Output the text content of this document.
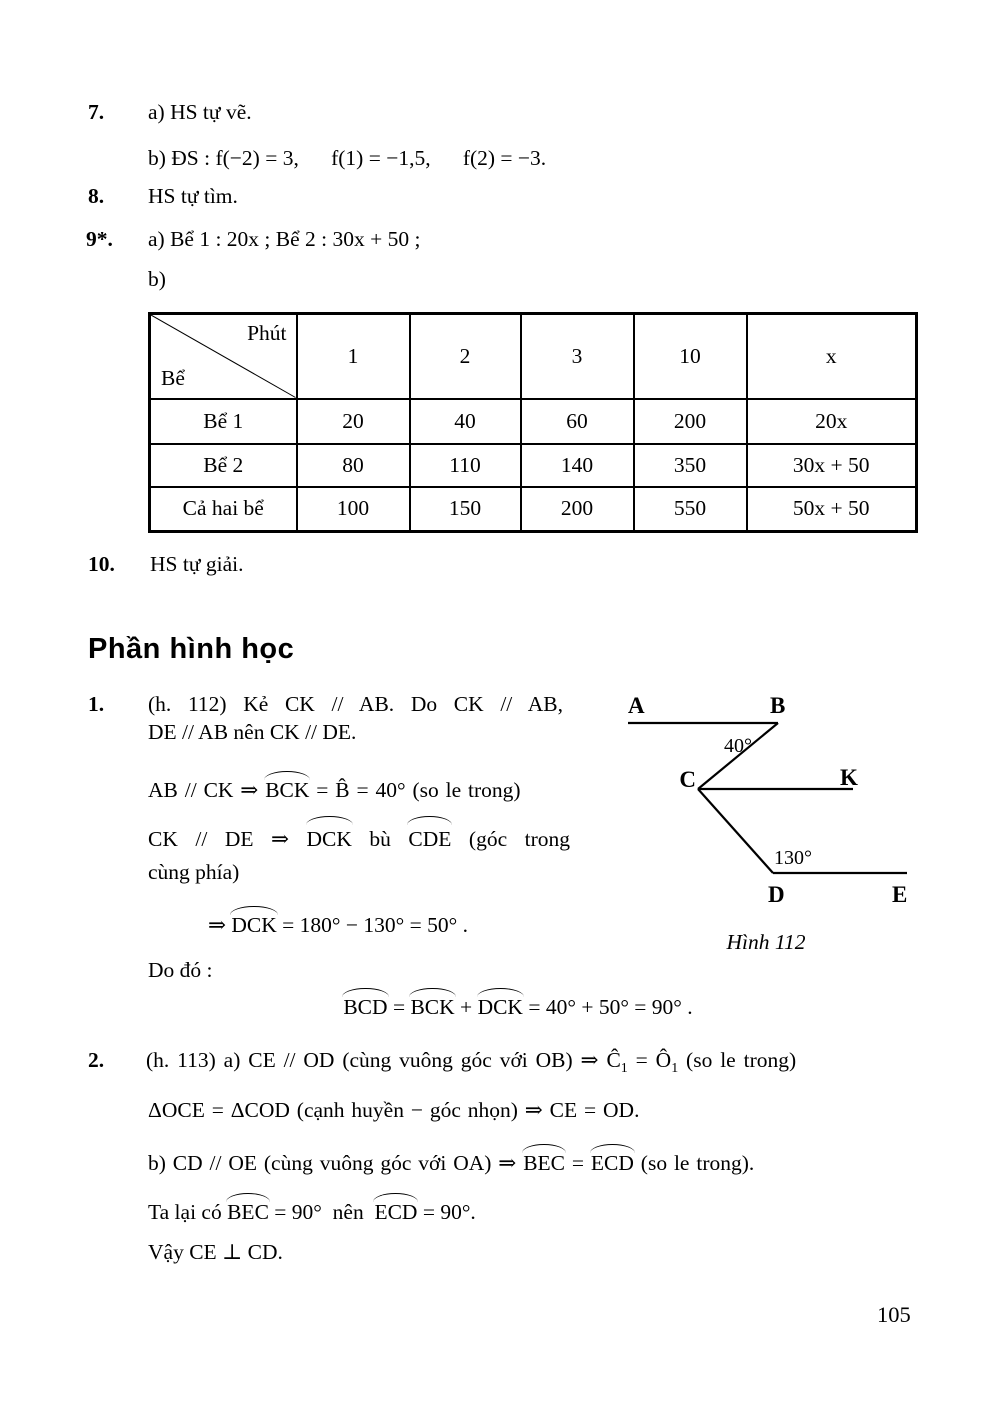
7. a) HS tự vẽ.
b) ĐS : f(−2) = 3,      f(1) = −1,5,      f(2) = −3.
8. HS tự tìm.
9*. a) Bể 1 : 20x ; Bể 2 : 30x + 50 ;
b)
Phút
Bể	1	2	3	10	x
Bể 1	20	40	60	200	20x
Bể 2	80	110	140	350	30x + 50
Cả hai bể	100	150	200	550	50x + 50
10. HS tự giải.
Phần hình học
1. (h. 112) Kẻ CK // AB. Do CK // AB,
DE // AB nên CK // DE.
AB // CK ⇒ BCK = B̂ = 40° (so le trong)
CK // DE ⇒ DCK bù CDE (góc trong
cùng phía)
⇒ DCK = 180° − 130° = 50° .
Do đó :
BCD = BCK + DCK = 40° + 50° = 90° .
A	B
C	K
D	E
40°
130°
Hình 112
2. (h. 113) a) CE // OD (cùng vuông góc với OB) ⇒ $Ĉ_1$ = $Ô_1$ (so le trong)
ΔOCE = ΔCOD (cạnh huyền − góc nhọn) ⇒ CE = OD.
b) CD // OE (cùng vuông góc với OA) ⇒ BEC = ECD (so le trong).
Ta lại có BEC = 90°  nên  ECD = 90°.
Vậy CE ⊥ CD.
105
